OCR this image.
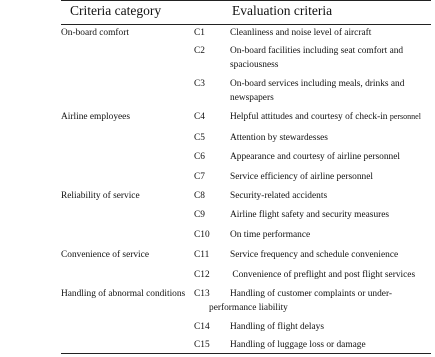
Criteria category	Evaluation criteria
On-board comfort	C1	Cleanliness and noise level of aircraft
C2	On-board facilities including seat comfort and spaciousness
C3	On-board services including meals, drinks and newspapers
Airline employees	C4	Helpful attitudes and courtesy of check-in personnel
C5	Attention by stewardesses
C6	Appearance and courtesy of airline personnel
C7	Service efficiency of airline personnel
Reliability of service	C8	Security-related accidents
C9	Airline flight safety and security measures
C10 On time performance
Convenience of service	C11 Service frequency and schedule convenience
C12 Convenience of preflight and post flight services
Handling of abnormal conditions C13	Handling of customer complaints or under-performance liability
C14 Handling of flight delays
C15 Handling of luggage loss or damage
